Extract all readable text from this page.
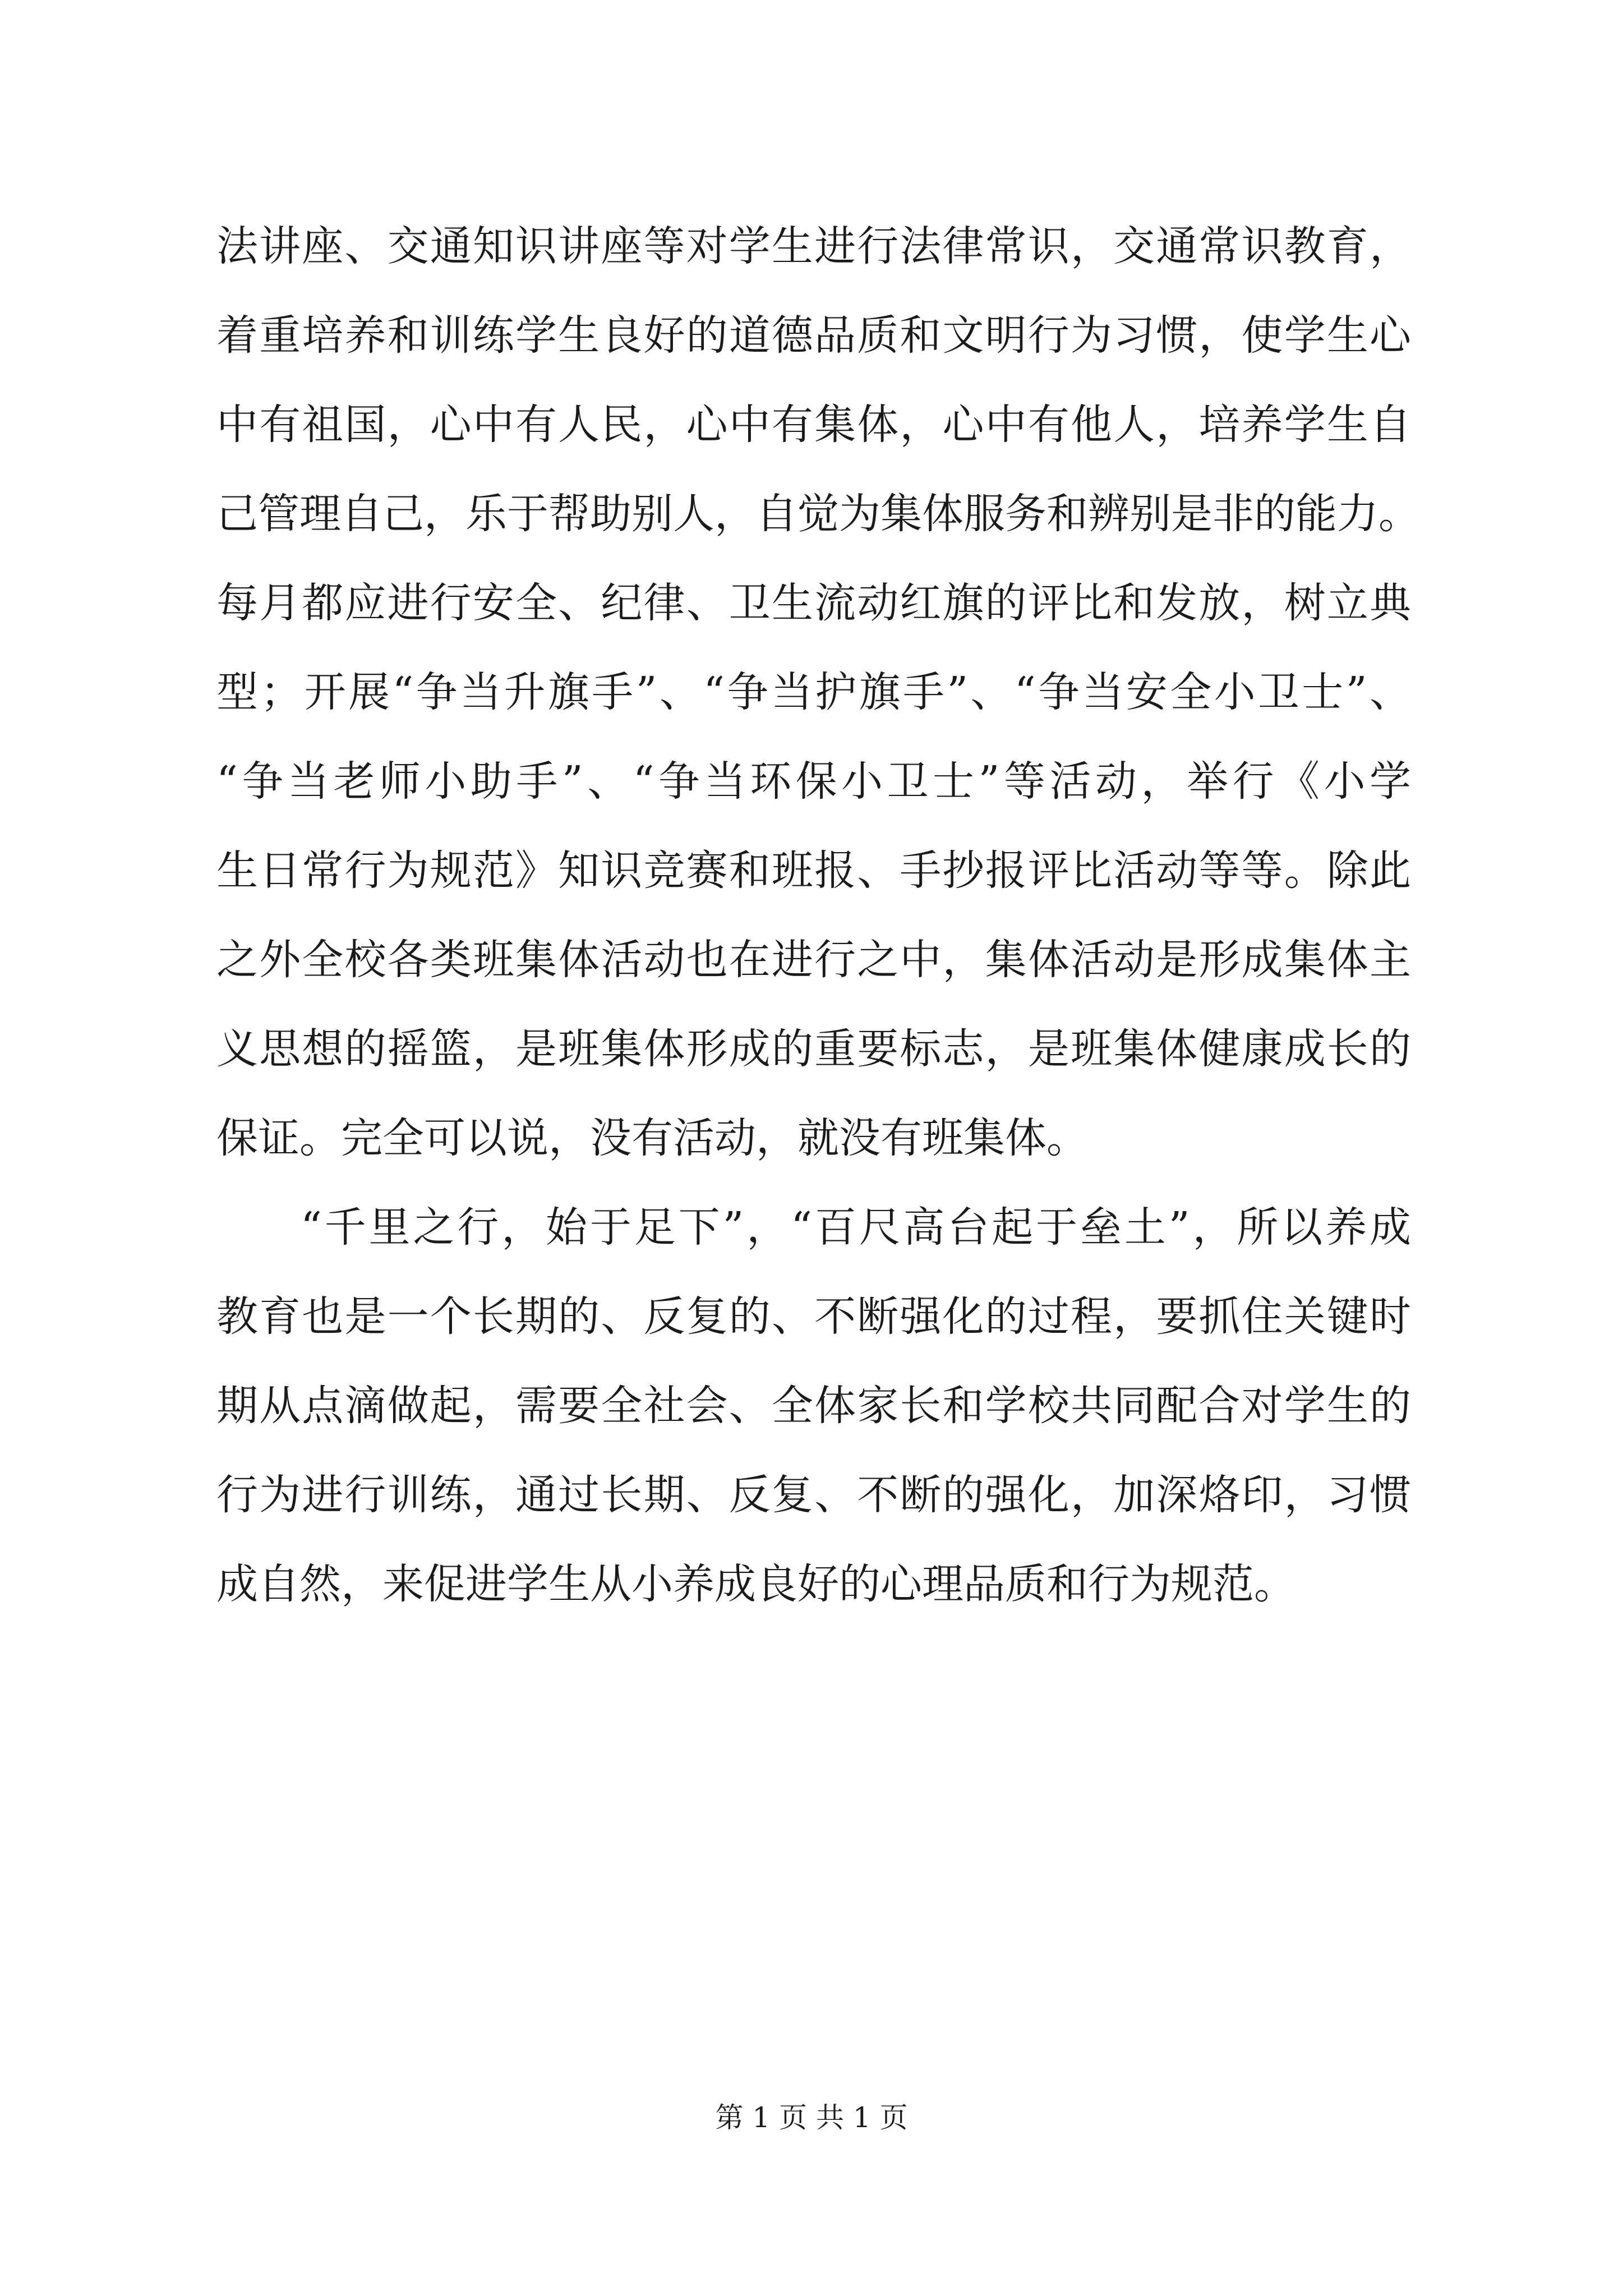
法讲座、交通知识讲座等对学生进行法律常识，交通常识教育，
着重培养和训练学生良好的道德品质和文明行为习惯，使学生心
中有祖国，心中有人民，心中有集体，心中有他人，培养学生自
己管理自己，乐于帮助别人，自觉为集体服务和辨别是非的能力。
每月都应进行安全、纪律、卫生流动红旗的评比和发放，树立典
型；开展“争当升旗手”、“争当护旗手”、“争当安全小卫士”、
“争当老师小助手”、“争当环保小卫士”等活动，举行《小学
生日常行为规范》知识竞赛和班报、手抄报评比活动等等。除此
之外全校各类班集体活动也在进行之中，集体活动是形成集体主
义思想的摇篮，是班集体形成的重要标志，是班集体健康成长的
保证。完全可以说，没有活动，就没有班集体。
“千里之行，始于足下”，“百尺高台起于垒土”，所以养成
教育也是一个长期的、反复的、不断强化的过程，要抓住关键时
期从点滴做起，需要全社会、全体家长和学校共同配合对学生的
行为进行训练，通过长期、反复、不断的强化，加深烙印，习惯
成自然，来促进学生从小养成良好的心理品质和行为规范。
第 1 页 共 1 页
